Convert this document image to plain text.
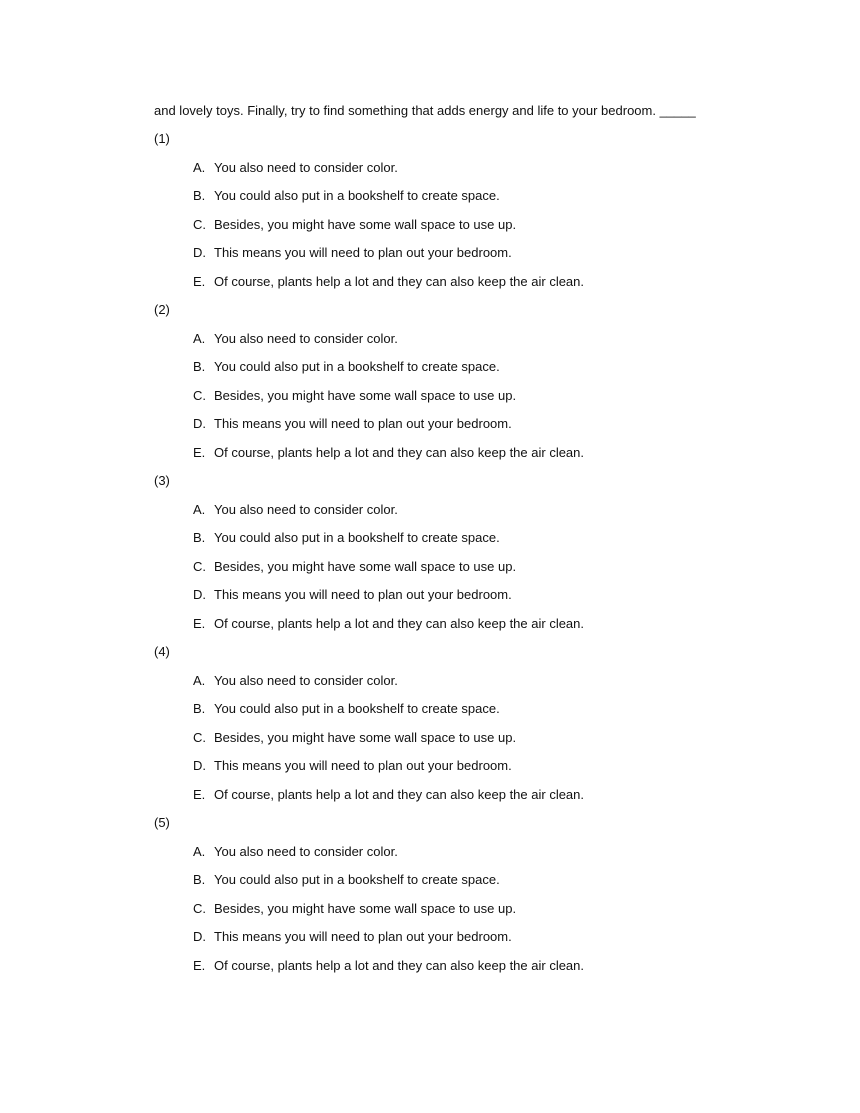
and lovely toys. Finally, try to find something that adds energy and life to your bedroom. _____

(1)
A. You also need to consider color.
B. You could also put in a bookshelf to create space.
C. Besides, you might have some wall space to use up.
D. This means you will need to plan out your bedroom.
E. Of course, plants help a lot and they can also keep the air clean.
(2)
A. You also need to consider color.
B. You could also put in a bookshelf to create space.
C. Besides, you might have some wall space to use up.
D. This means you will need to plan out your bedroom.
E. Of course, plants help a lot and they can also keep the air clean.
(3)
A. You also need to consider color.
B. You could also put in a bookshelf to create space.
C. Besides, you might have some wall space to use up.
D. This means you will need to plan out your bedroom.
E. Of course, plants help a lot and they can also keep the air clean.
(4)
A. You also need to consider color.
B. You could also put in a bookshelf to create space.
C. Besides, you might have some wall space to use up.
D. This means you will need to plan out your bedroom.
E. Of course, plants help a lot and they can also keep the air clean.
(5)
A. You also need to consider color.
B. You could also put in a bookshelf to create space.
C. Besides, you might have some wall space to use up.
D. This means you will need to plan out your bedroom.
E. Of course, plants help a lot and they can also keep the air clean.
